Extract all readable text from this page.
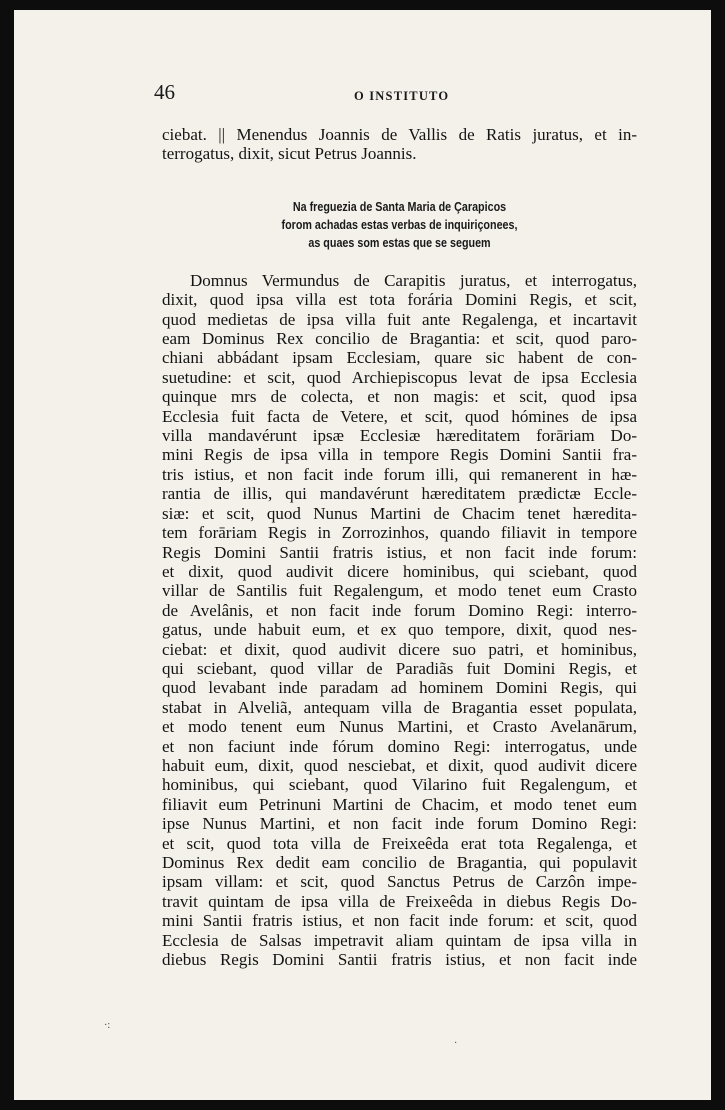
46	O INSTITUTO

ciebat. || Menendus Joannis de Vallis de Ratis juratus, et in-
terrogatus, dixit, sicut Petrus Joannis.

Na freguezia de Santa Maria de Çarapicos
forom achadas estas verbas de inquiriçonees,
as quaes som estas que se seguem

Domnus Vermundus de Carapitis juratus, et interrogatus,
dixit, quod ipsa villa est tota forária Domini Regis, et scit,
quod medietas de ipsa villa fuit ante Regalenga, et incartavit
eam Dominus Rex concilio de Bragantia: et scit, quod paro-
chiani abbádant ipsam Ecclesiam, quare sic habent de con-
suetudine: et scit, quod Archiepiscopus levat de ipsa Ecclesia
quinque mrs de colecta, et non magis: et scit, quod ipsa
Ecclesia fuit facta de Vetere, et scit, quod hómines de ipsa
villa mandavérunt ipsæ Ecclesiæ hæreditatem forāriam Do-
mini Regis de ipsa villa in tempore Regis Domini Santii fra-
tris istius, et non facit inde forum illi, qui remanerent in hæ-
rantia de illis, qui mandavérunt hæreditatem prædictæ Eccle-
siæ: et scit, quod Nunus Martini de Chacim tenet hæredita-
tem forāriam Regis in Zorrozinhos, quando filiavit in tempore
Regis Domini Santii fratris istius, et non facit inde forum:
et dixit, quod audivit dicere hominibus, qui sciebant, quod
villar de Santilis fuit Regalengum, et modo tenet eum Crasto
de Avelânis, et non facit inde forum Domino Regi: interro-
gatus, unde habuit eum, et ex quo tempore, dixit, quod nes-
ciebat: et dixit, quod audivit dicere suo patri, et hominibus,
qui sciebant, quod villar de Paradiãs fuit Domini Regis, et
quod levabant inde paradam ad hominem Domini Regis, qui
stabat in Alveliã, antequam villa de Bragantia esset populata,
et modo tenent eum Nunus Martini, et Crasto Avelanārum,
et non faciunt inde fórum domino Regi: interrogatus, unde
habuit eum, dixit, quod nesciebat, et dixit, quod audivit dicere
hominibus, qui sciebant, quod Vilarino fuit Regalengum, et
filiavit eum Petrinuni Martini de Chacim, et modo tenet eum
ipse Nunus Martini, et non facit inde forum Domino Regi:
et scit, quod tota villa de Freixeêda erat tota Regalenga, et
Dominus Rex dedit eam concilio de Bragantia, qui populavit
ipsam villam: et scit, quod Sanctus Petrus de Carzôn impe-
travit quintam de ipsa villa de Freixeêda in diebus Regis Do-
mini Santii fratris istius, et non facit inde forum: et scit, quod
Ecclesia de Salsas impetravit aliam quintam de ipsa villa in
diebus Regis Domini Santii fratris istius, et non facit inde

·:
·
